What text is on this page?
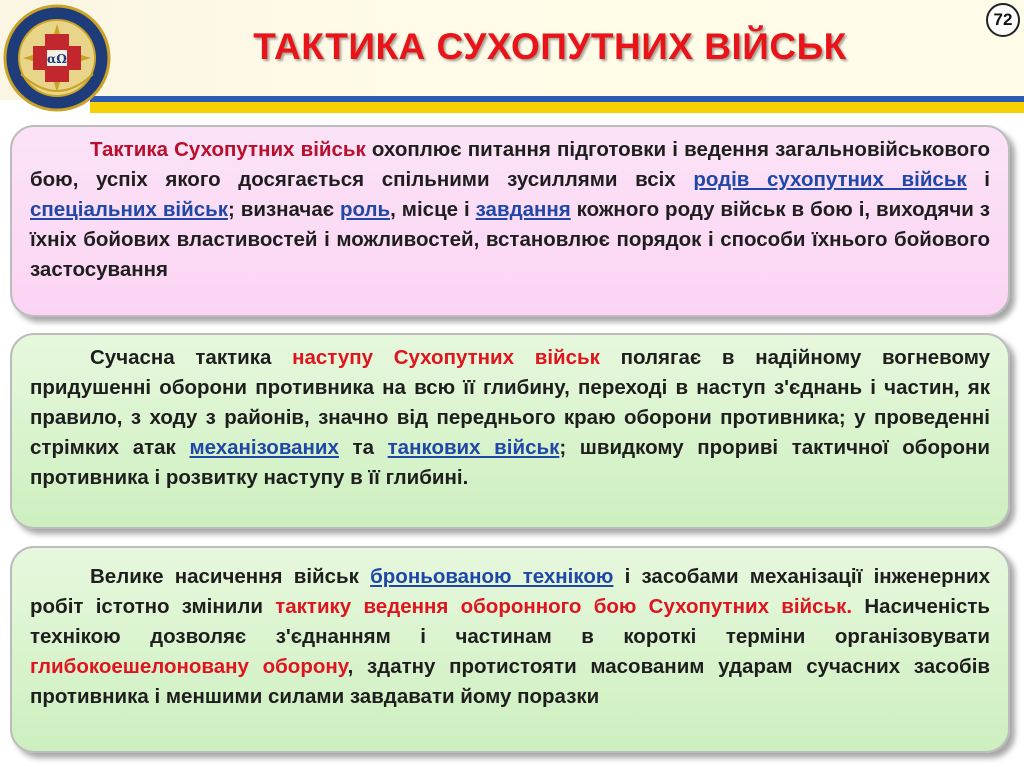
αΩ	ТАКТИКА СУХОПУТНИХ ВІЙСЬК
72

Тактика Сухопутних військ охоплює питання підготовки і ведення загальновійськового бою, успіх якого досягається спільними зусиллями всіх родів сухопутних військ і спеціальних військ; визначає роль, місце і завдання кожного роду військ в бою і, виходячи з їхніх бойових властивостей і можливостей, встановлює порядок і способи їхнього бойового застосування

Сучасна тактика наступу Сухопутних військ полягає в надійному вогневому придушенні оборони противника на всю її глибину, переході в наступ з'єднань і частин, як правило, з ходу з районів, значно від переднього краю оборони противника; у проведенні стрімких атак механізованих та танкових військ; швидкому прориві тактичної оборони противника і розвитку наступу в її глибині.

Велике насичення військ броньованою технікою і засобами механізації інженерних робіт істотно змінили тактику ведення оборонного бою Сухопутних військ. Насиченість технікою дозволяє з'єднанням і частинам в короткі терміни організовувати глибокоешелоновану оборону, здатну протистояти масованим ударам сучасних засобів противника і меншими силами завдавати йому поразки
